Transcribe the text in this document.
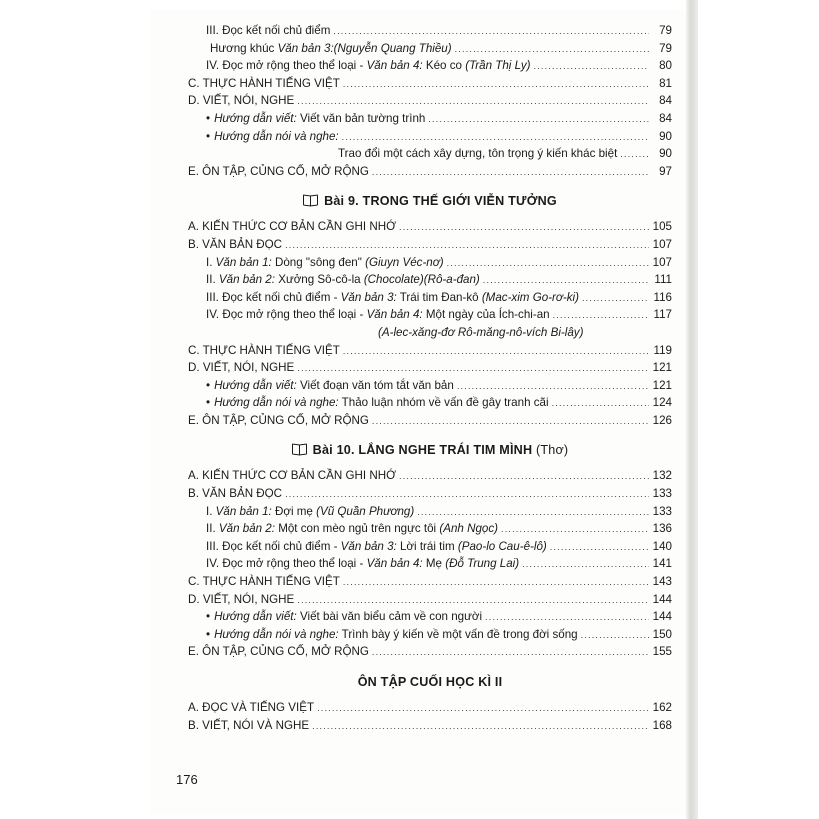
III. Đọc kết nối chủ điểm .....	79
Hương khúc Văn bản 3:(Nguyễn Quang Thiều) .....	79
IV. Đọc mở rộng theo thể loại - Văn bản 4: Kéo co (Trần Thị Ly) .....	80
C. THỰC HÀNH TIẾNG VIỆT .....	81
D. VIẾT, NÓI, NGHE .....	84
• Hướng dẫn viết: Viết văn bản tường trình .....	84
• Hướng dẫn nói và nghe: .....	90
Trao đổi một cách xây dựng, tôn trọng ý kiến khác biệt .....	90
E. ÔN TẬP, CỦNG CỐ, MỞ RỘNG .....	97
Bài 9. TRONG THẾ GIỚI VIỄN TƯỞNG
A. KIẾN THỨC CƠ BẢN CẦN GHI NHỚ .....	105
B. VĂN BẢN ĐỌC .....	107
I. Văn bản 1: Dòng "sông đen" (Giuyn Véc-nơ) .....	107
II. Văn bản 2: Xưởng Sô-cô-la (Chocolate)(Rô-a-đan) .....	111
III. Đọc kết nối chủ điểm - Văn bản 3: Trái tim Đan-kô (Mac-xim Go-rơ-ki) .....	116
IV. Đọc mở rộng theo thể loại - Văn bản 4: Một ngày của Ích-chi-an .....	117
(A-lec-xăng-đơ Rô-măng-nô-vích Bi-lây)
C. THỰC HÀNH TIẾNG VIỆT .....	119
D. VIẾT, NÓI, NGHE .....	121
• Hướng dẫn viết: Viết đoạn văn tóm tắt văn bản .....	121
• Hướng dẫn nói và nghe: Thảo luận nhóm về vấn đề gây tranh cãi .....	124
E. ÔN TẬP, CỦNG CỐ, MỞ RỘNG .....	126
Bài 10. LẮNG NGHE TRÁI TIM MÌNH (Thơ)
A. KIẾN THỨC CƠ BẢN CẦN GHI NHỚ .....	132
B. VĂN BẢN ĐỌC .....	133
I. Văn bản 1: Đợi mẹ (Vũ Quần Phương) .....	133
II. Văn bản 2: Một con mèo ngủ trên ngực tôi (Anh Ngọc) .....	136
III. Đọc kết nối chủ điểm - Văn bản 3: Lời trái tim (Pao-lo Cau-ê-lô) .....	140
IV. Đọc mở rộng theo thể loại - Văn bản 4: Mẹ (Đỗ Trung Lai) .....	141
C. THỰC HÀNH TIẾNG VIỆT .....	143
D. VIẾT, NÓI, NGHE .....	144
• Hướng dẫn viết: Viết bài văn biểu cảm về con người .....	144
• Hướng dẫn nói và nghe: Trình bày ý kiến về một vấn đề trong đời sống .....	150
E. ÔN TẬP, CỦNG CỐ, MỞ RỘNG .....	155
ÔN TẬP CUỐI HỌC KÌ II
A. ĐỌC VÀ TIẾNG VIỆT .....	162
B. VIẾT, NÓI VÀ NGHE .....	168
176
